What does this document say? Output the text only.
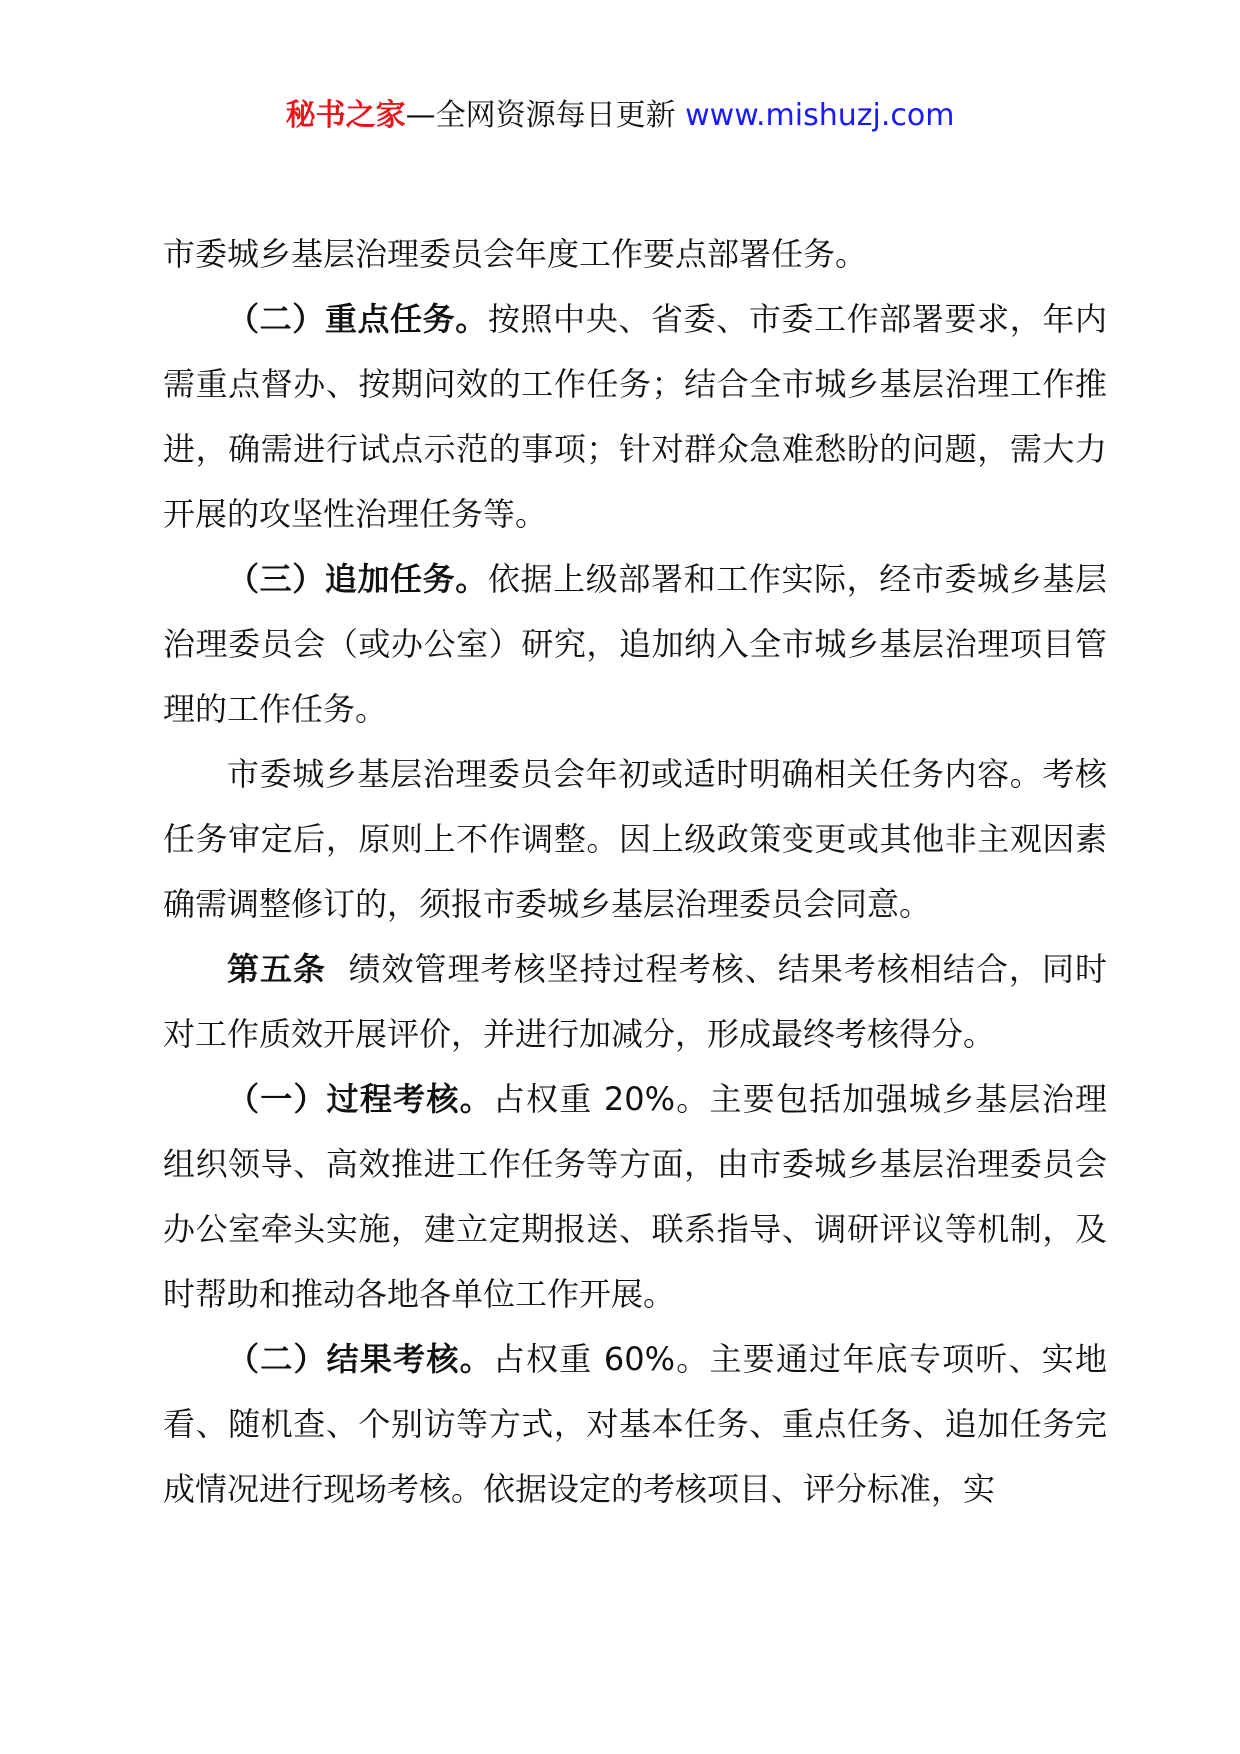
秘书之家—全网资源每日更新 www.mishuzj.com

市委城乡基层治理委员会年度工作要点部署任务。

（二）重点任务。按照中央、省委、市委工作部署要求，年内需重点督办、按期问效的工作任务；结合全市城乡基层治理工作推进，确需进行试点示范的事项；针对群众急难愁盼的问题，需大力开展的攻坚性治理任务等。

（三）追加任务。依据上级部署和工作实际，经市委城乡基层治理委员会（或办公室）研究，追加纳入全市城乡基层治理项目管理的工作任务。

市委城乡基层治理委员会年初或适时明确相关任务内容。考核任务审定后，原则上不作调整。因上级政策变更或其他非主观因素确需调整修订的，须报市委城乡基层治理委员会同意。

第五条  绩效管理考核坚持过程考核、结果考核相结合，同时对工作质效开展评价，并进行加减分，形成最终考核得分。

（一）过程考核。占权重 20%。主要包括加强城乡基层治理组织领导、高效推进工作任务等方面，由市委城乡基层治理委员会办公室牵头实施，建立定期报送、联系指导、调研评议等机制，及时帮助和推动各地各单位工作开展。

（二）结果考核。占权重 60%。主要通过年底专项听、实地看、随机查、个别访等方式，对基本任务、重点任务、追加任务完成情况进行现场考核。依据设定的考核项目、评分标准，实
